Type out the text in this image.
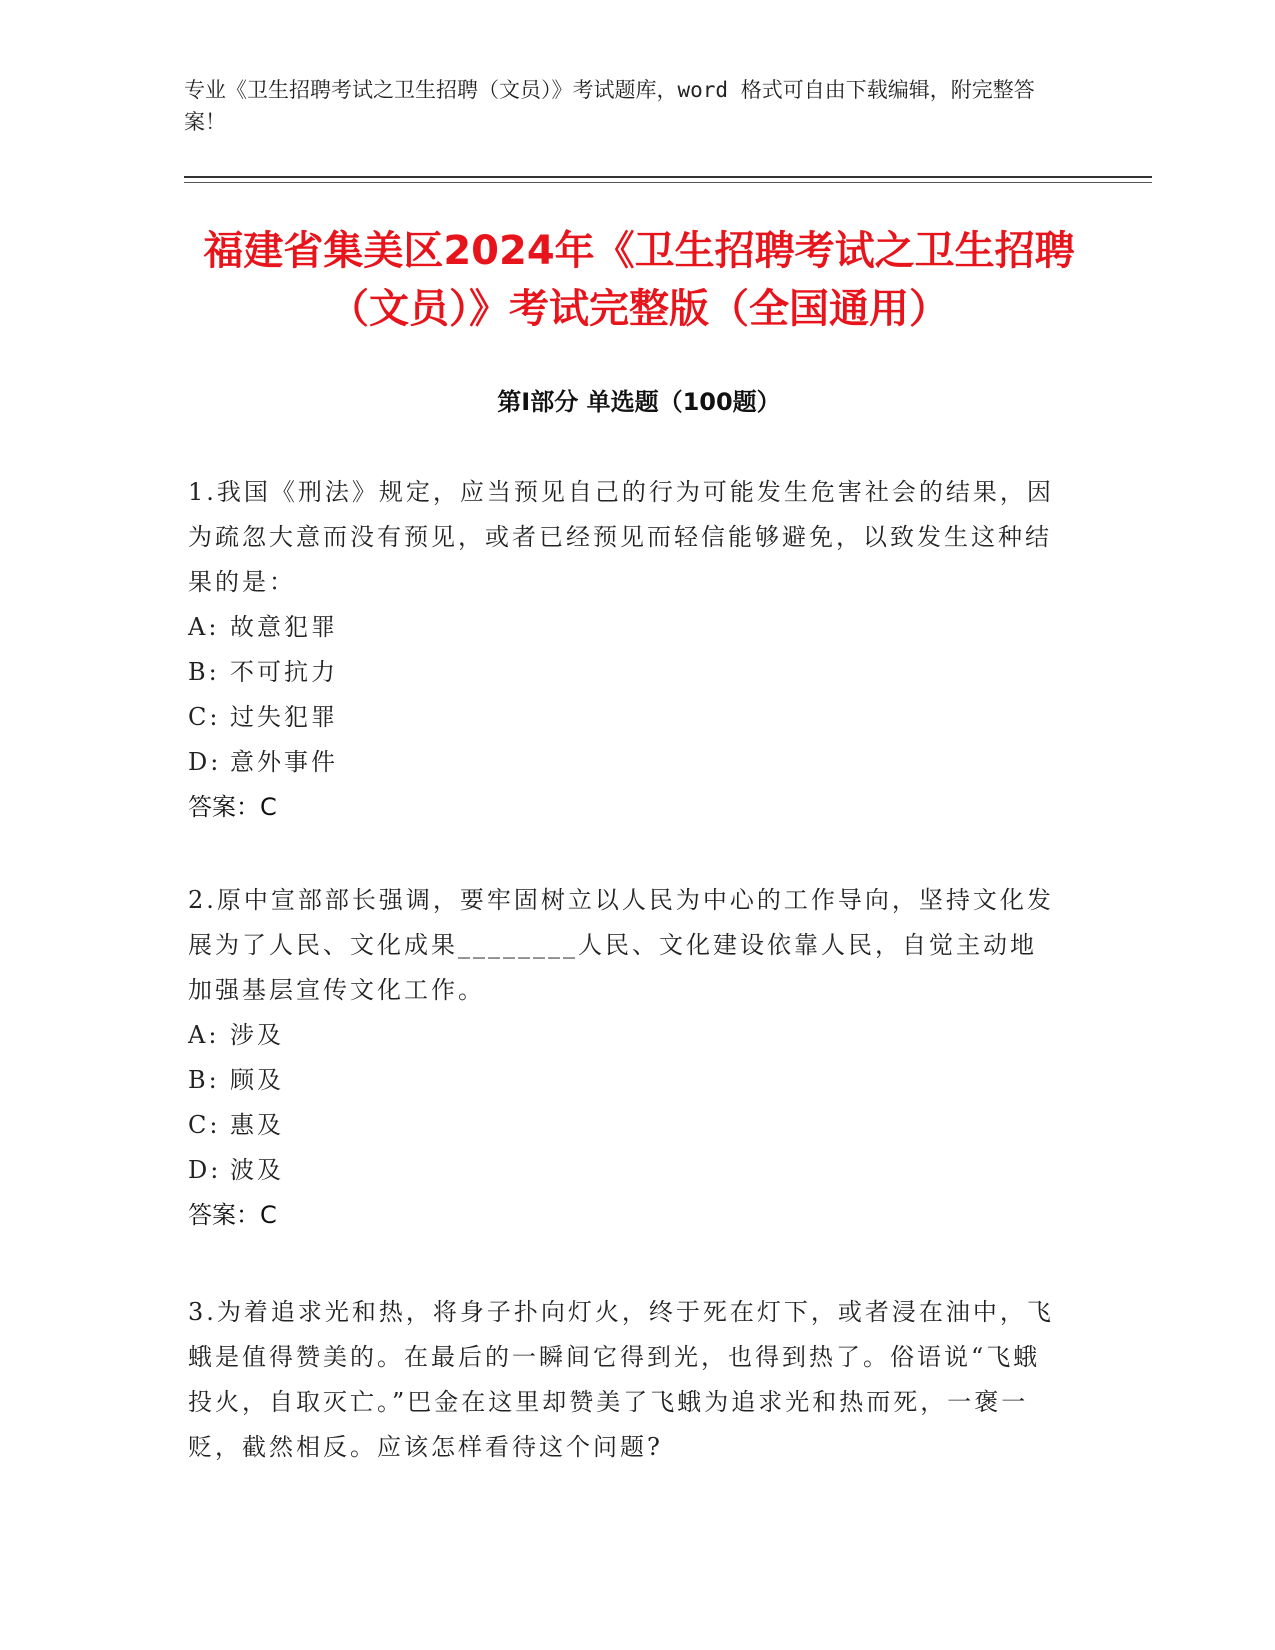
专业《卫生招聘考试之卫生招聘（文员）》考试题库，word 格式可自由下载编辑，附完整答案！

福建省集美区2024年《卫生招聘考试之卫生招聘（文员）》考试完整版（全国通用）
第Ⅰ部分 单选题（100题）

1.我国《刑法》规定，应当预见自己的行为可能发生危害社会的结果，因为疏忽大意而没有预见，或者已经预见而轻信能够避免，以致发生这种结果的是：

A: 故意犯罪

B: 不可抗力

C: 过失犯罪

D: 意外事件

答案：C

2.原中宣部部长强调，要牢固树立以人民为中心的工作导向，坚持文化发展为了人民、文化成果________人民、文化建设依靠人民，自觉主动地加强基层宣传文化工作。

A: 涉及

B: 顾及

C: 惠及

D: 波及

答案：C

3.为着追求光和热，将身子扑向灯火，终于死在灯下，或者浸在油中，飞蛾是值得赞美的。在最后的一瞬间它得到光，也得到热了。俗语说“飞蛾投火，自取灭亡。”巴金在这里却赞美了飞蛾为追求光和热而死，一褒一贬，截然相反。应该怎样看待这个问题?
